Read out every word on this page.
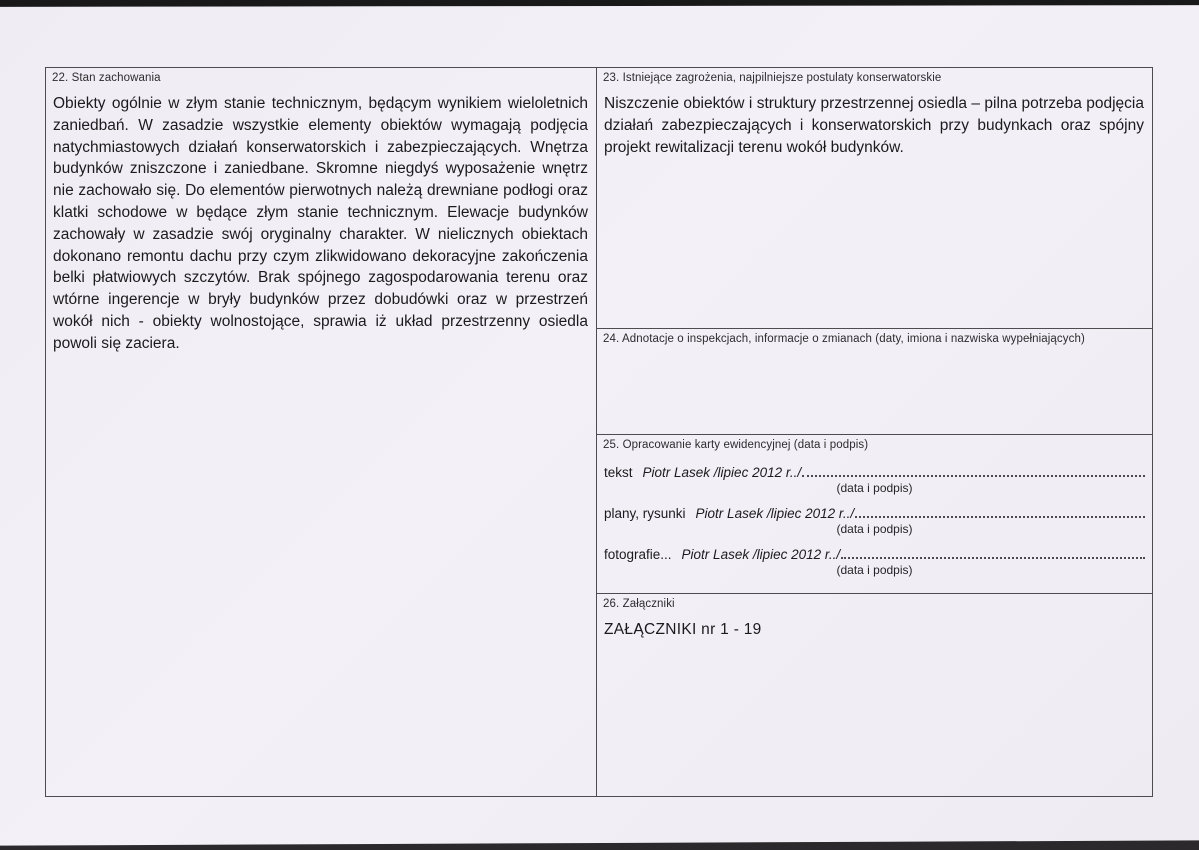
22. Stan zachowania
Obiekty ogólnie w złym stanie technicznym, będącym wynikiem wieloletnich zaniedbań. W zasadzie wszystkie elementy obiektów wymagają podjęcia natychmiastowych działań konserwatorskich i zabezpieczających. Wnętrza budynków zniszczone i zaniedbane. Skromne niegdyś wyposażenie wnętrz nie zachowało się. Do elementów pierwotnych należą drewniane podłogi oraz klatki schodowe w będące złym stanie technicznym. Elewacje budynków zachowały w zasadzie swój oryginalny charakter. W nielicznych obiektach dokonano remontu dachu przy czym zlikwidowano dekoracyjne zakończenia belki płatwiowych szczytów. Brak spójnego zagospodarowania terenu oraz wtórne ingerencje w bryły budynków przez dobudówki oraz w przestrzeń wokół nich - obiekty wolnostojące, sprawia iż układ przestrzenny osiedla powoli się zaciera.
23. Istniejące zagrożenia, najpilniejsze postulaty konserwatorskie
Niszczenie obiektów i struktury przestrzennej osiedla – pilna potrzeba podjęcia działań zabezpieczających i konserwatorskich przy budynkach oraz spójny projekt rewitalizacji terenu wokół budynków.
24. Adnotacje o inspekcjach, informacje o zmianach (daty, imiona i nazwiska wypełniających)
25. Opracowanie karty ewidencyjnej (data i podpis)
tekst Piotr Lasek /lipiec 2012 r../
(data i podpis)
plany, rysunki Piotr Lasek /lipiec 2012 r../
(data i podpis)
fotografie... Piotr Lasek /lipiec 2012 r../
(data i podpis)
26. Załączniki
ZAŁĄCZNIKI nr 1 - 19
